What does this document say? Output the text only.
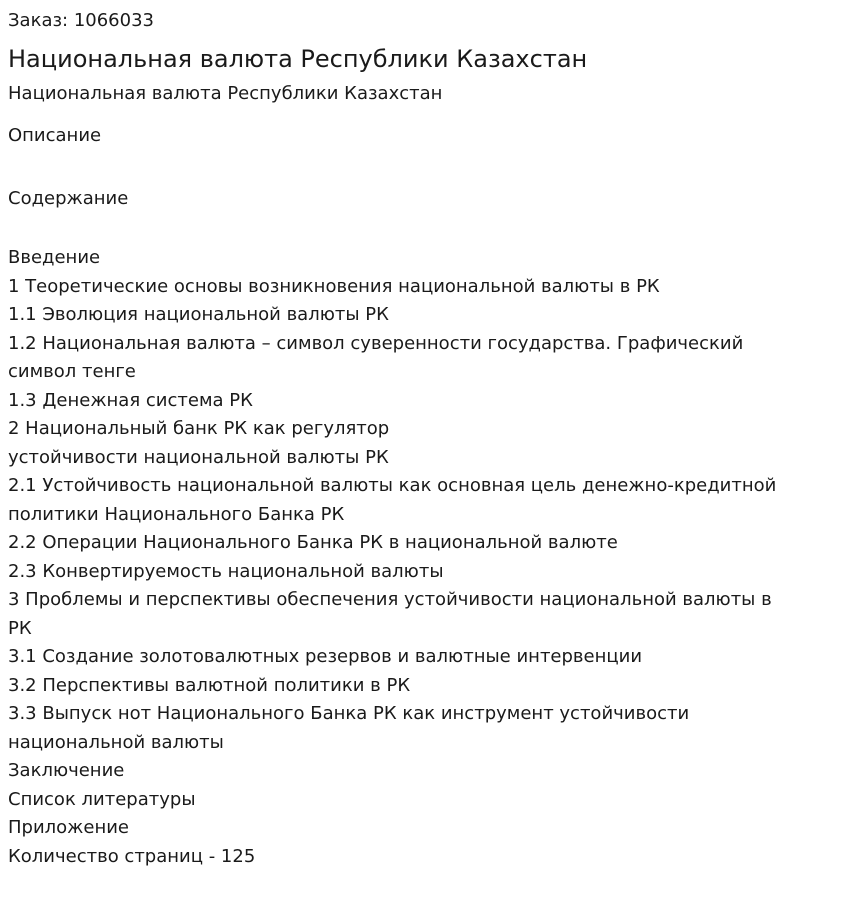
Заказ: 1066033

Национальная валюта Республики Казахстан

Национальная валюта Республики Казахстан

Описание

Содержание

Введение
1 Теоретические основы возникновения национальной валюты в РК
1.1 Эволюция национальной валюты РК
1.2 Национальная валюта – символ суверенности государства. Графический
символ тенге
1.3 Денежная система РК
2 Национальный банк РК как регулятор
устойчивости национальной валюты РК
2.1 Устойчивость национальной валюты как основная цель денежно-кредитной
политики Национального Банка РК
2.2 Операции Национального Банка РК в национальной валюте
2.3 Конвертируемость национальной валюты
3 Проблемы и перспективы обеспечения устойчивости национальной валюты в
РК
3.1 Создание золотовалютных резервов и валютные интервенции
3.2 Перспективы валютной политики в РК
3.3 Выпуск нот Национального Банка РК как инструмент устойчивости
национальной валюты
Заключение
Список литературы
Приложение
Количество страниц - 125
